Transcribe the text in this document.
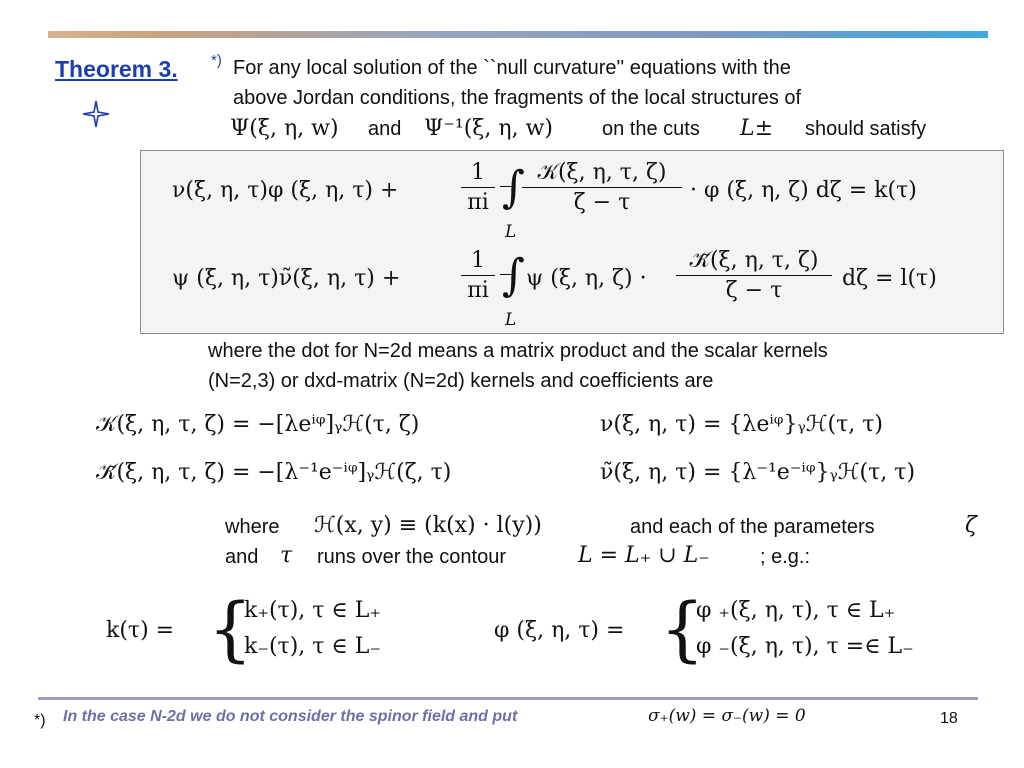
Theorem 3. *) For any local solution of the ``null curvature'' equations with the
above Jordan conditions, the fragments of the local structures of
Ψ(ξ, η, w) and Ψ⁻¹(ξ, η, w) on the cuts L± should satisfy
ν(ξ, η, τ)φ (ξ, η, τ) +
1
πi ∫
L
𝒦(ξ, η, τ, ζ)
ζ − τ	· φ (ξ, η, ζ) dζ = k(τ)
ψ (ξ, η, τ)ν̃(ξ, η, τ) +
1
πi ∫
L
ψ (ξ, η, ζ) ·
𝒦̃(ξ, η, τ, ζ)
ζ − τ	dζ = l(τ)
where the dot for N=2d means a matrix product and the scalar kernels
(N=2,3) or dxd-matrix (N=2d) kernels and coefficients are
𝒦(ξ, η, τ, ζ) = −[λeⁱᵠ]ᵧℋ(τ, ζ)	ν(ξ, η, τ) = {λeⁱᵠ}ᵧℋ(τ, τ)
𝒦̃(ξ, η, τ, ζ) = −[λ⁻¹e⁻ⁱᵠ]ᵧℋ(ζ, τ)	ν̃(ξ, η, τ) = {λ⁻¹e⁻ⁱᵠ}ᵧℋ(τ, τ)
where ℋ(x, y) ≡ (k(x) · l(y))	and each of the parameters	ζ
and τ runs over the contour	L = L₊ ∪ L₋	; e.g.:
k(τ) = {
k₊(τ), τ ∈ L₊
k₋(τ), τ ∈ L₋
φ (ξ, η, τ) = {
φ ₊(ξ, η, τ), τ ∈ L₊
φ ₋(ξ, η, τ), τ =∈ L₋
*) In the case N-2d we do not consider the spinor field and put	σ₊(w) = σ₋(w) = 0	18
